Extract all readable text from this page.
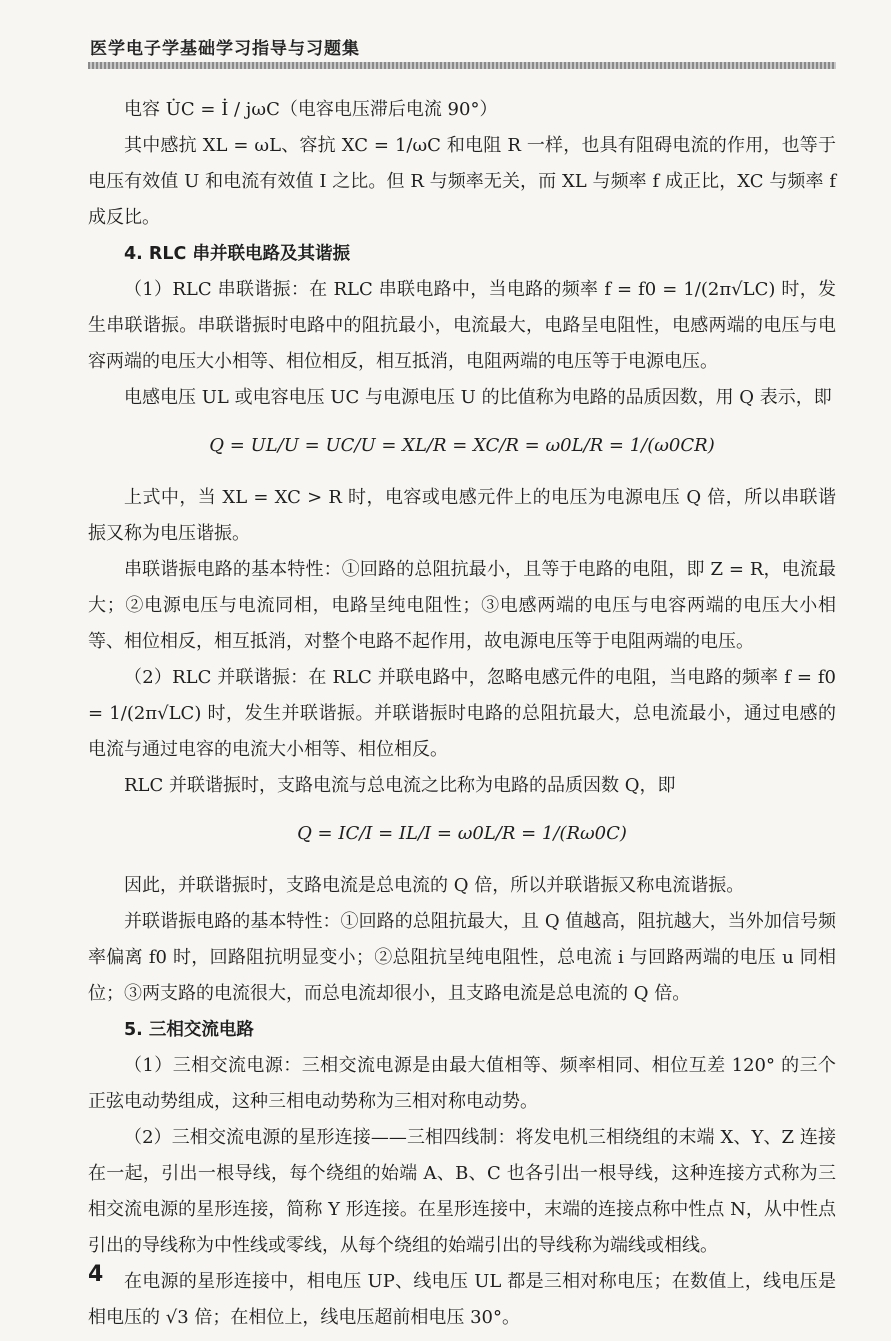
医学电子学基础学习指导与习题集

电容 U̇C = İ / jωC（电容电压滞后电流 90°）

其中感抗 XL = ωL、容抗 XC = 1/ωC 和电阻 R 一样，也具有阻碍电流的作用，也等于电压有效值 U 和电流有效值 I 之比。但 R 与频率无关，而 XL 与频率 f 成正比，XC 与频率 f 成反比。

4. RLC 串并联电路及其谐振

（1）RLC 串联谐振：在 RLC 串联电路中，当电路的频率 f = f0 = 1/(2π√LC) 时，发生串联谐振。串联谐振时电路中的阻抗最小，电流最大，电路呈电阻性，电感两端的电压与电容两端的电压大小相等、相位相反，相互抵消，电阻两端的电压等于电源电压。

电感电压 UL 或电容电压 UC 与电源电压 U 的比值称为电路的品质因数，用 Q 表示，即

Q = UL/U = UC/U = XL/R = XC/R = ω0L/R = 1/(ω0CR)

上式中，当 XL = XC > R 时，电容或电感元件上的电压为电源电压 Q 倍，所以串联谐振又称为电压谐振。

串联谐振电路的基本特性：①回路的总阻抗最小，且等于电路的电阻，即 Z = R，电流最大；②电源电压与电流同相，电路呈纯电阻性；③电感两端的电压与电容两端的电压大小相等、相位相反，相互抵消，对整个电路不起作用，故电源电压等于电阻两端的电压。

（2）RLC 并联谐振：在 RLC 并联电路中，忽略电感元件的电阻，当电路的频率 f = f0 = 1/(2π√LC) 时，发生并联谐振。并联谐振时电路的总阻抗最大，总电流最小，通过电感的电流与通过电容的电流大小相等、相位相反。

RLC 并联谐振时，支路电流与总电流之比称为电路的品质因数 Q，即

Q = IC/I = IL/I = ω0L/R = 1/(Rω0C)

因此，并联谐振时，支路电流是总电流的 Q 倍，所以并联谐振又称电流谐振。

并联谐振电路的基本特性：①回路的总阻抗最大，且 Q 值越高，阻抗越大，当外加信号频率偏离 f0 时，回路阻抗明显变小；②总阻抗呈纯电阻性，总电流 i 与回路两端的电压 u 同相位；③两支路的电流很大，而总电流却很小，且支路电流是总电流的 Q 倍。

5. 三相交流电路

（1）三相交流电源：三相交流电源是由最大值相等、频率相同、相位互差 120° 的三个正弦电动势组成，这种三相电动势称为三相对称电动势。

（2）三相交流电源的星形连接——三相四线制：将发电机三相绕组的末端 X、Y、Z 连接在一起，引出一根导线，每个绕组的始端 A、B、C 也各引出一根导线，这种连接方式称为三相交流电源的星形连接，简称 Y 形连接。在星形连接中，末端的连接点称中性点 N，从中性点引出的导线称为中性线或零线，从每个绕组的始端引出的导线称为端线或相线。

在电源的星形连接中，相电压 UP、线电压 UL 都是三相对称电压；在数值上，线电压是相电压的 √3 倍；在相位上，线电压超前相电压 30°。

4
